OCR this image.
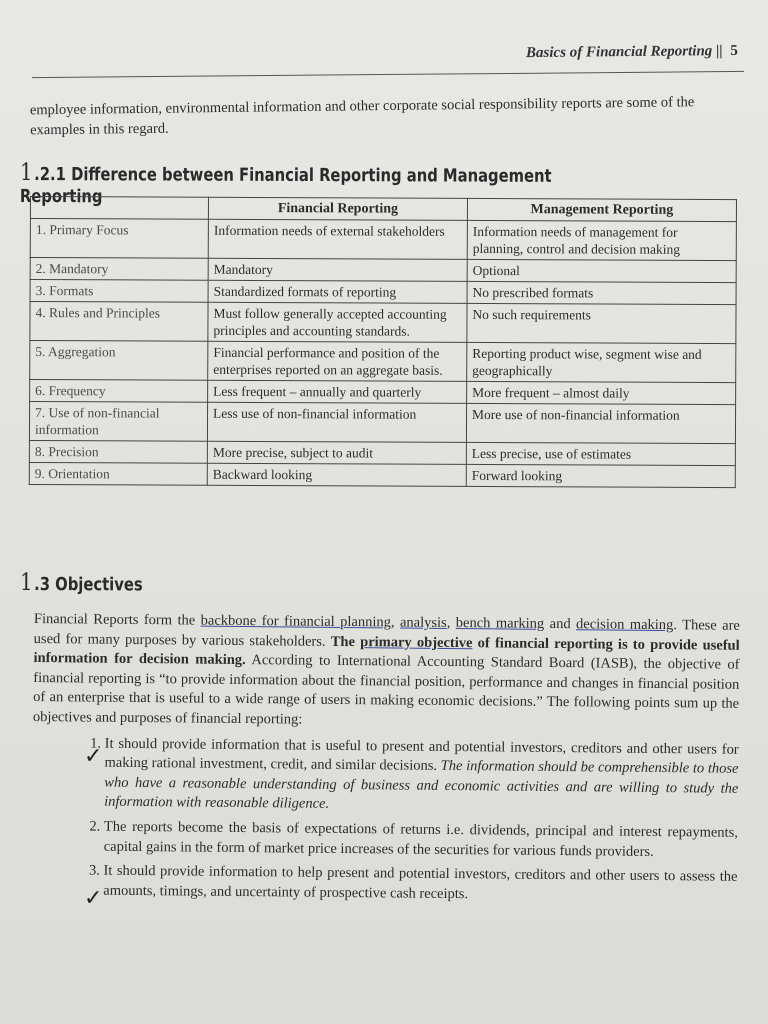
Basics of Financial Reporting || 5
employee information, environmental information and other corporate social responsibility reports are some of the examples in this regard.
1.2.1 Difference between Financial Reporting and Management Reporting
	Financial Reporting	Management Reporting
1. Primary Focus	Information needs of external stakeholders	Information needs of management for planning, control and decision making
2. Mandatory	Mandatory	Optional
3. Formats	Standardized formats of reporting	No prescribed formats
4. Rules and Principles	Must follow generally accepted accounting principles and accounting standards.	No such requirements
5. Aggregation	Financial performance and position of the enterprises reported on an aggregate basis.	Reporting product wise, segment wise and geographically
6. Frequency	Less frequent – annually and quarterly	More frequent – almost daily
7. Use of non-financial information	Less use of non-financial information	More use of non-financial information
8. Precision	More precise, subject to audit	Less precise, use of estimates
9. Orientation	Backward looking	Forward looking
1.3 Objectives

Financial Reports form the backbone for financial planning, analysis, bench marking and decision making. These are used for many purposes by various stakeholders. The primary objective of financial reporting is to provide useful information for decision making. According to International Accounting Standard Board (IASB), the objective of financial reporting is “to provide information about the financial position, performance and changes in financial position of an enterprise that is useful to a wide range of users in making economic decisions.” The following points sum up the objectives and purposes of financial reporting:

1. It should provide information that is useful to present and potential investors, creditors and other users for making rational investment, credit, and similar decisions. The information should be comprehensible to those who have a reasonable understanding of business and economic activities and are willing to study the information with reasonable diligence.
2. The reports become the basis of expectations of returns i.e. dividends, principal and interest repayments, capital gains in the form of market price increases of the securities for various funds providers.
3. It should provide information to help present and potential investors, creditors and other users to assess the amounts, timings, and uncertainty of prospective cash receipts.
✓
✓
